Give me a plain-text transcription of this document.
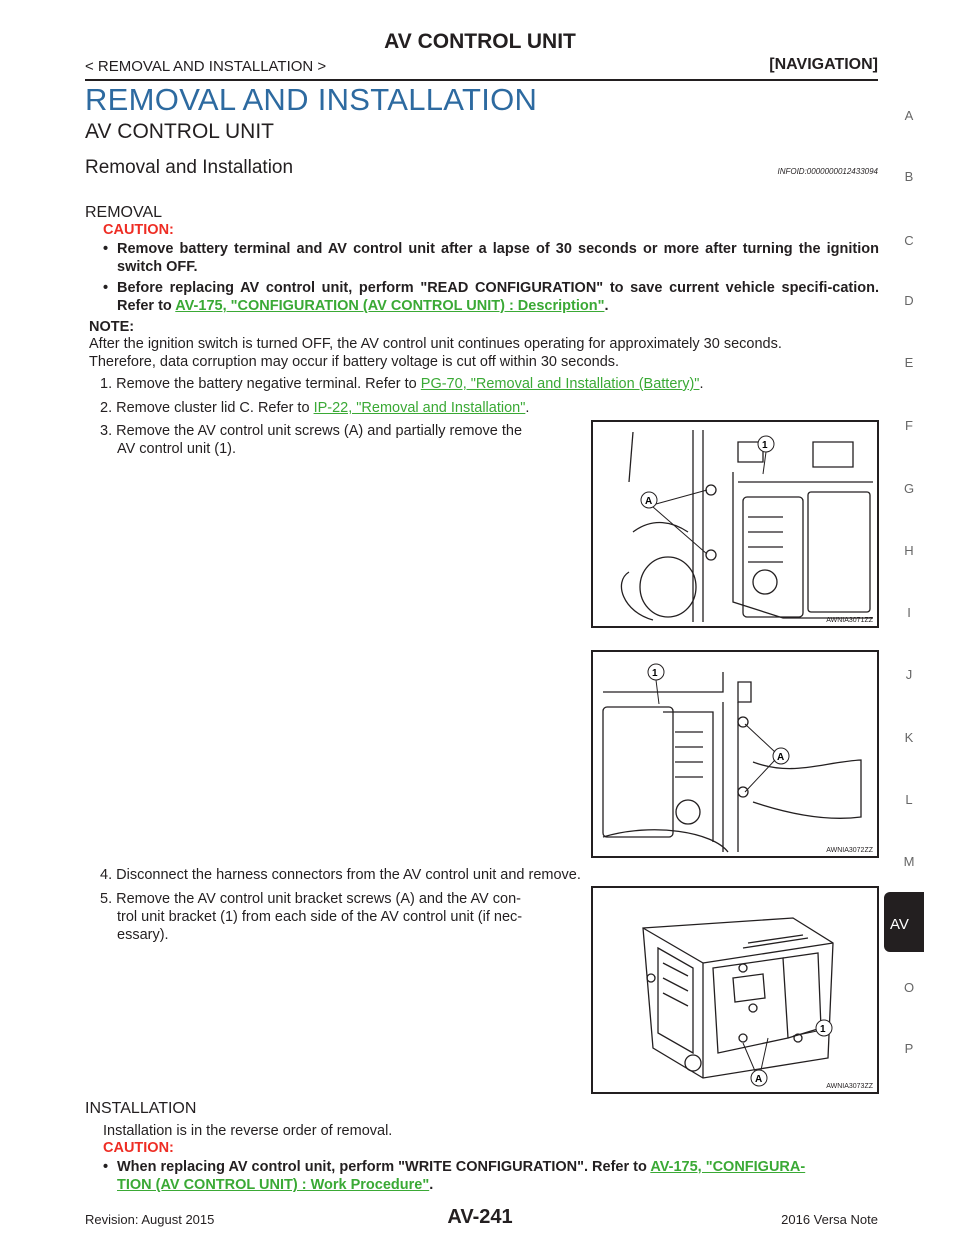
AV CONTROL UNIT
< REMOVAL AND INSTALLATION >	[NAVIGATION]
REMOVAL AND INSTALLATION
AV CONTROL UNIT
Removal and Installation	INFOID:0000000012433094
REMOVAL
CAUTION:
• Remove battery terminal and AV control unit after a lapse of 30 seconds or more after turning the ignition switch OFF.
• Before replacing AV control unit, perform "READ CONFIGURATION" to save current vehicle specifi-cation. Refer to AV-175, "CONFIGURATION (AV CONTROL UNIT) : Description".
NOTE:
After the ignition switch is turned OFF, the AV control unit continues operating for approximately 30 seconds.
Therefore, data corruption may occur if battery voltage is cut off within 30 seconds.
1. Remove the battery negative terminal. Refer to PG-70, "Removal and Installation (Battery)".
2. Remove cluster lid C. Refer to IP-22, "Removal and Installation".
3. Remove the AV control unit screws (A) and partially remove the
AV control unit (1).	1
A
AWNIA3071ZZ
1
A
AWNIA3072ZZ
4. Disconnect the harness connectors from the AV control unit and remove.
5. Remove the AV control unit bracket screws (A) and the AV con-
trol unit bracket (1) from each side of the AV control unit (if nec-
essary).
1
A
AWNIA3073ZZ
INSTALLATION
Installation is in the reverse order of removal.
CAUTION:
• When replacing AV control unit, perform "WRITE CONFIGURATION". Refer to AV-175, "CONFIGURA-
TION (AV CONTROL UNIT) : Work Procedure".
A
B
C
D
E
F
G
H
I
J
K
L
M
AV
O
P
Revision: August 2015	AV-241	2016 Versa Note
